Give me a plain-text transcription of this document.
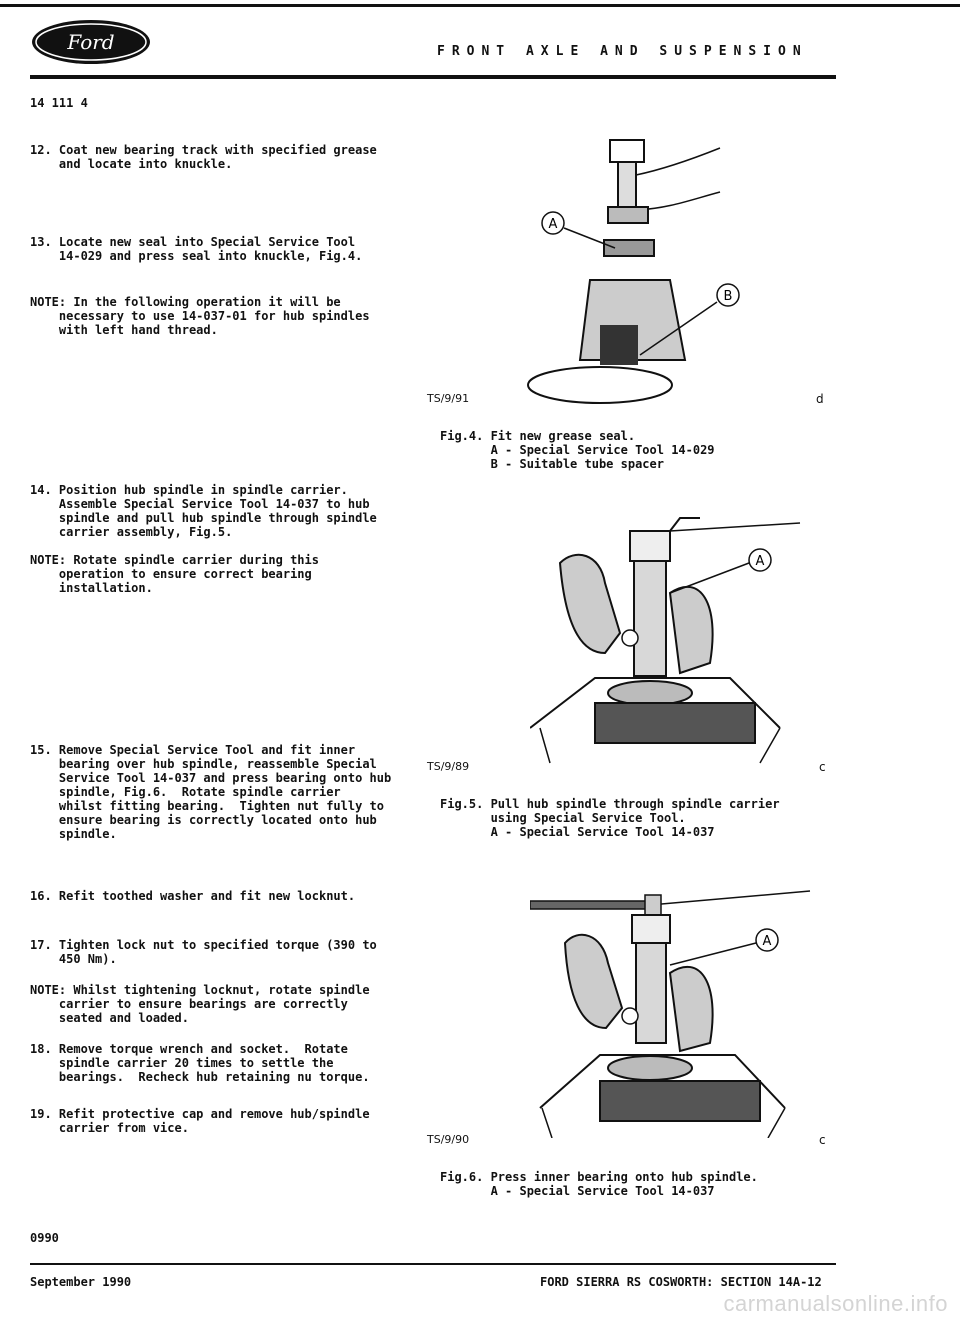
Ford	FRONT AXLE AND SUSPENSION
14 111 4
12. Coat new bearing track with specified grease
and locate into knuckle.
13. Locate new seal into Special Service Tool
14-029 and press seal into knuckle, Fig.4.
NOTE: In the following operation it will be
necessary to use 14-037-01 for hub spindles
with left hand thread.
14. Position hub spindle in spindle carrier.
Assemble Special Service Tool 14-037 to hub
spindle and pull hub spindle through spindle
carrier assembly, Fig.5.
NOTE: Rotate spindle carrier during this
operation to ensure correct bearing
installation.
15. Remove Special Service Tool and fit inner
bearing over hub spindle, reassemble Special
Service Tool 14-037 and press bearing onto hub
spindle, Fig.6.  Rotate spindle carrier
whilst fitting bearing.  Tighten nut fully to
ensure bearing is correctly located onto hub
spindle.
16. Refit toothed washer and fit new locknut.
17. Tighten lock nut to specified torque (390 to
450 Nm).
NOTE: Whilst tightening locknut, rotate spindle
carrier to ensure bearings are correctly
seated and loaded.
18. Remove torque wrench and socket.  Rotate
spindle carrier 20 times to settle the
bearings.  Recheck hub retaining nu torque.
19. Refit protective cap and remove hub/spindle
carrier from vice.
A
B
TS/9/91	d
Fig.4. Fit new grease seal.
A - Special Service Tool 14-029
B - Suitable tube spacer
A
TS/9/89	c
Fig.5. Pull hub spindle through spindle carrier
using Special Service Tool.
A - Special Service Tool 14-037
A
TS/9/90	c
Fig.6. Press inner bearing onto hub spindle.
A - Special Service Tool 14-037
0990
September 1990	FORD SIERRA RS COSWORTH: SECTION 14A-12
carmanualsonline.info
